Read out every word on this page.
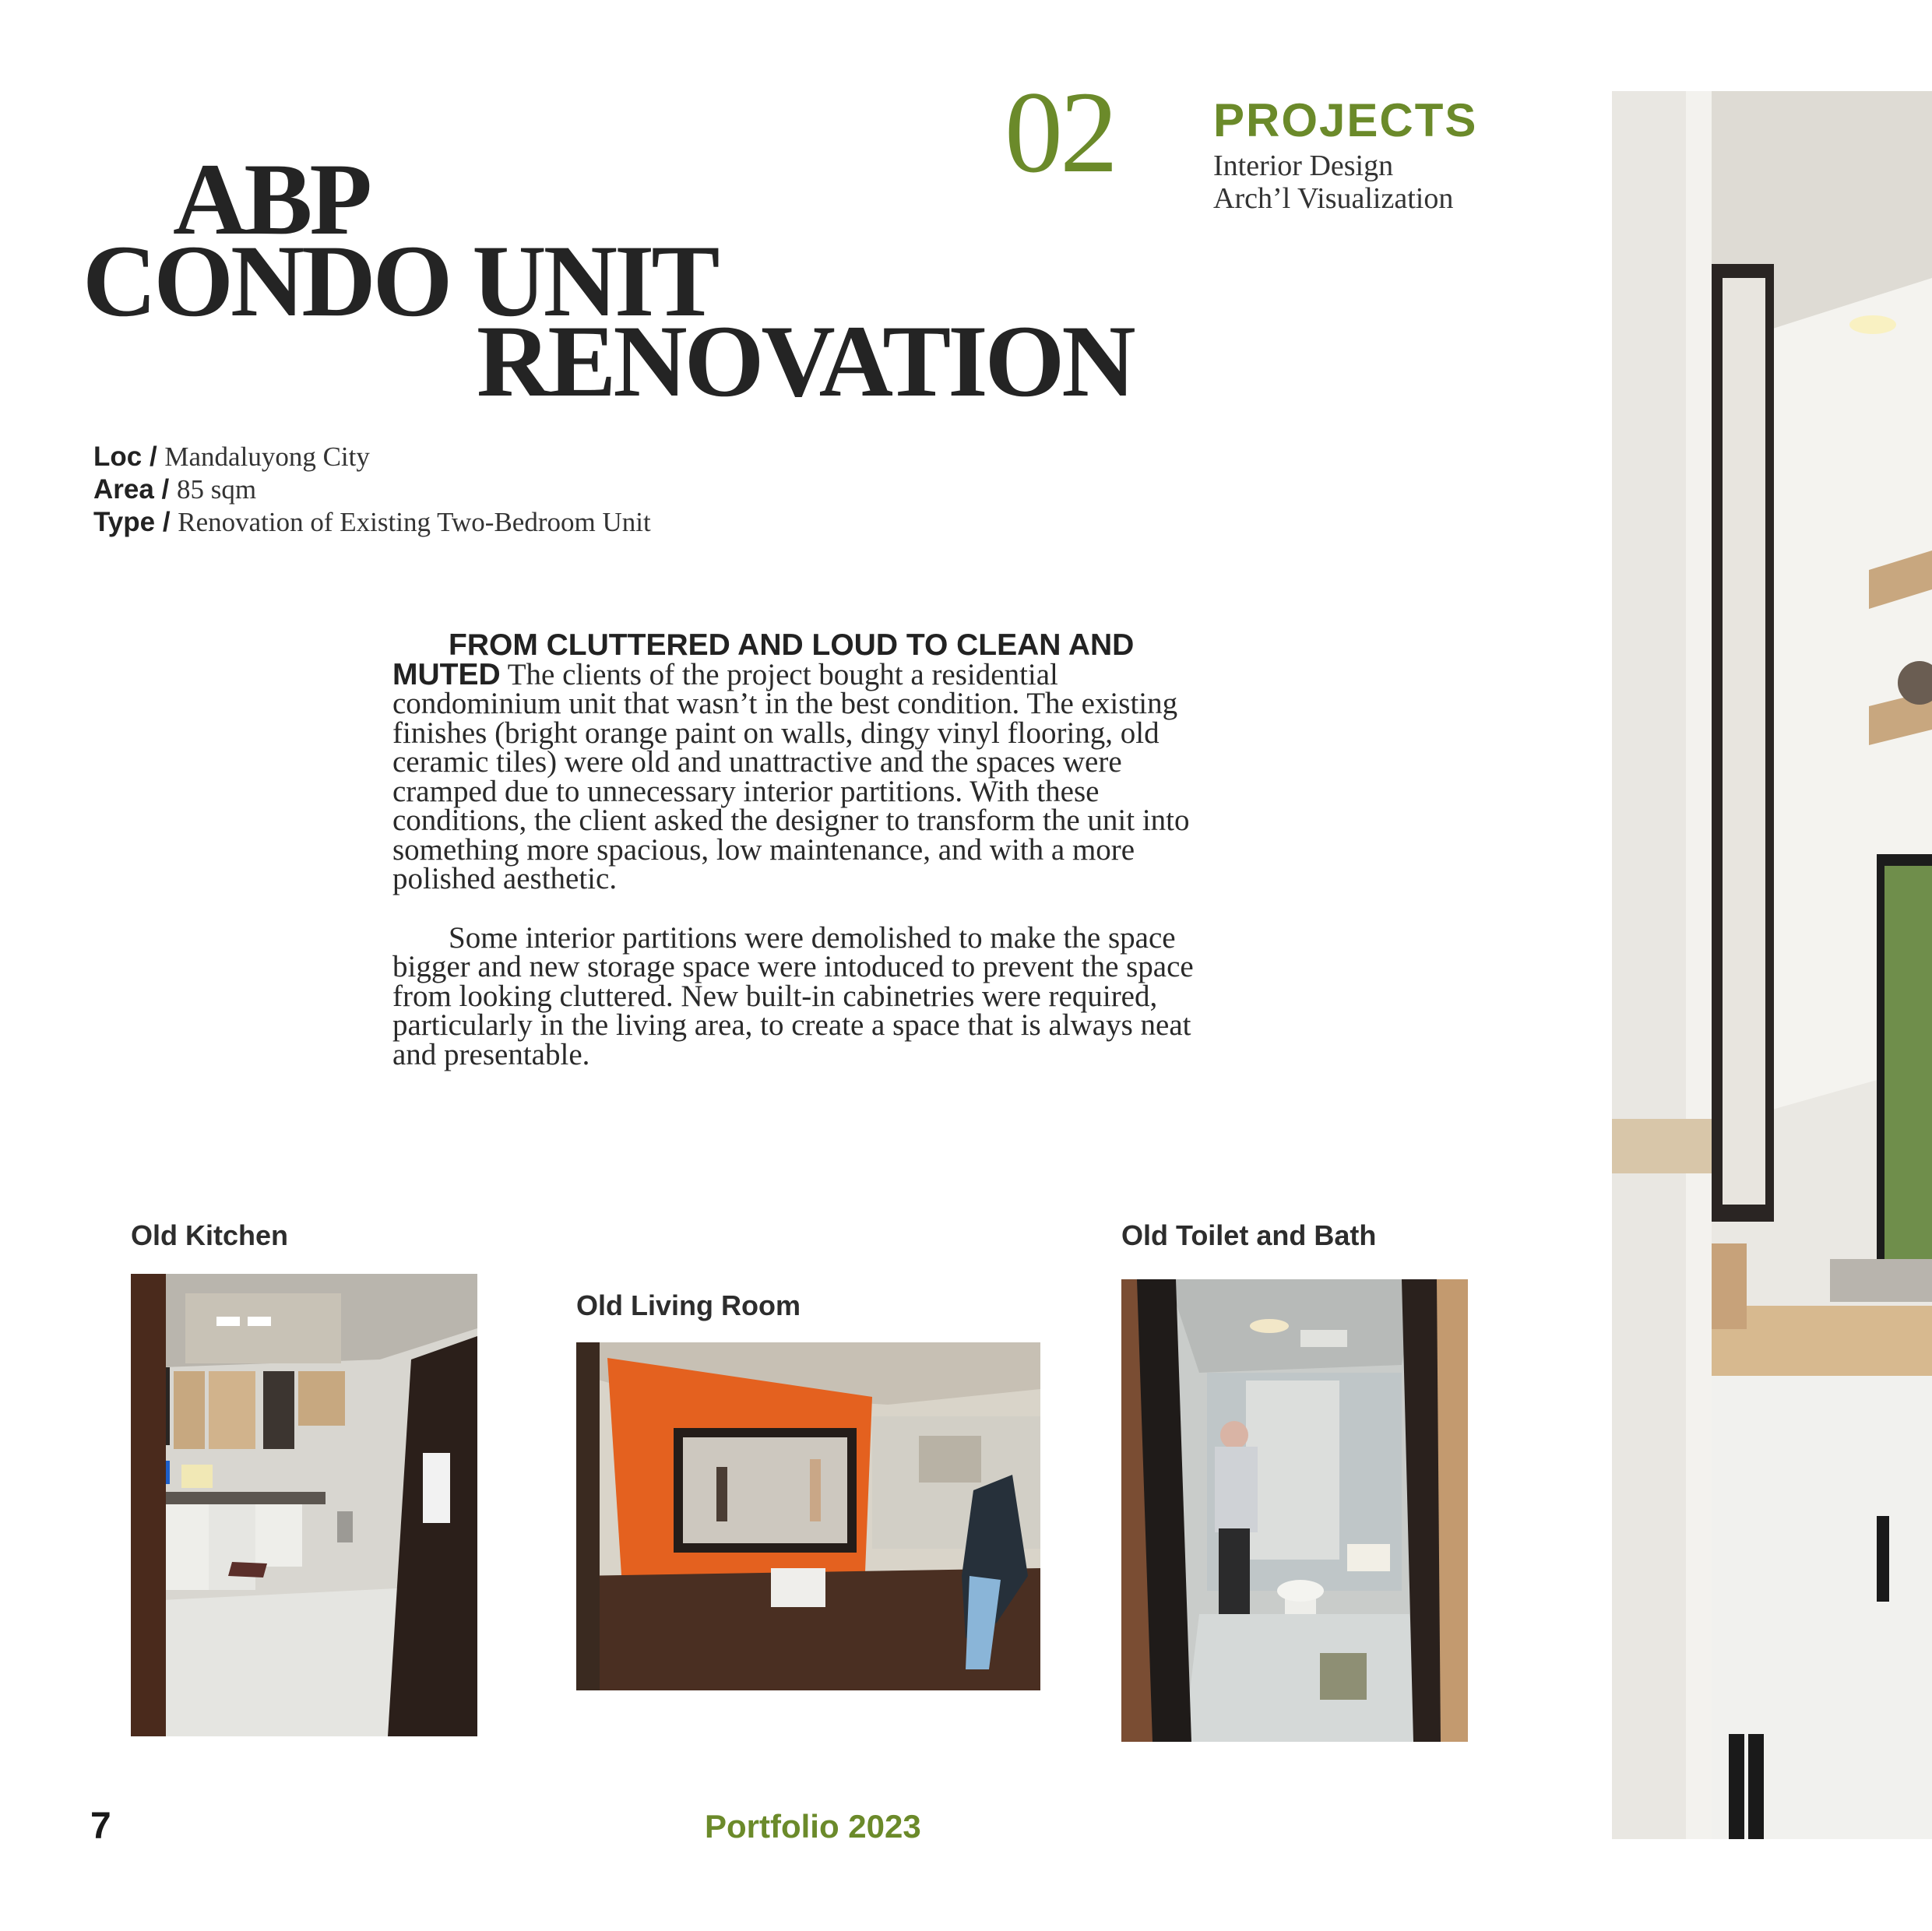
02 PROJECTS
Interior Design
Arch’l Visualization
ABP
CONDO UNIT
RENOVATION
Loc / Mandaluyong City
Area / 85 sqm
Type / Renovation of Existing Two-Bedroom Unit

FROM CLUTTERED AND LOUD TO CLEAN AND MUTED The clients of the project bought a residential condominium unit that wasn’t in the best condition. The existing finishes (bright orange paint on walls, dingy vinyl flooring, old ceramic tiles) were old and unattractive and the spaces were cramped due to unnecessary interior partitions. With these conditions, the client asked the designer to transform the unit into something more spacious, low maintenance, and with a more polished aesthetic.

Some interior partitions were demolished to make the space bigger and new storage space were intoduced to prevent the space from looking cluttered. New built-in cabinetries were required, particularly in the living area, to create a space that is always neat and presentable.

Old Kitchen
Old Living Room
Old Toilet and Bath
7	Portfolio 2023
